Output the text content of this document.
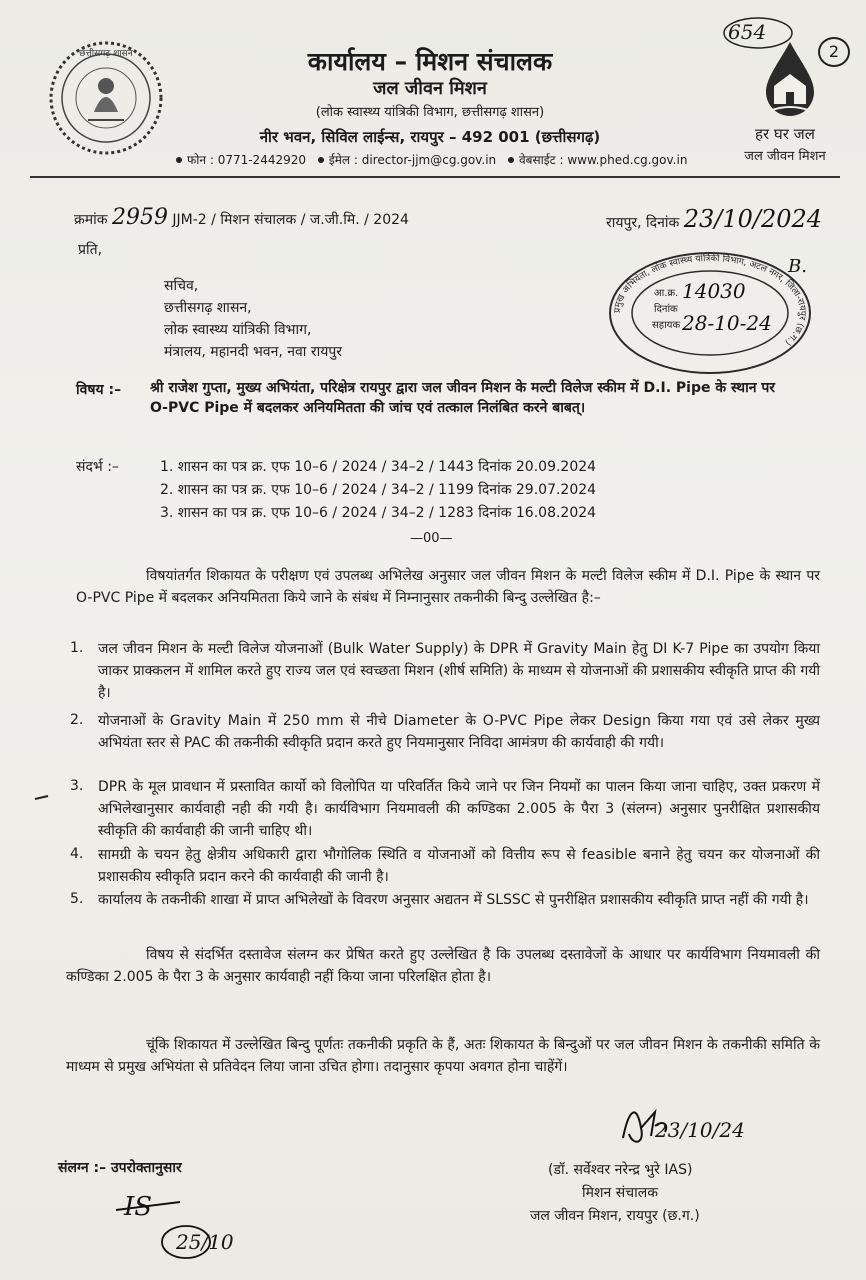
छत्तीसगढ़ शासन	कार्यालय – मिशन संचालक
जल जीवन मिशन
(लोक स्वास्थ्य यांत्रिकी विभाग, छत्तीसगढ़ शासन)
नीर भवन, सिविल लाईन्स, रायपुर – 492 001 (छत्तीसगढ़)
फोन : 0771-2442920 ईमेल : director-jjm@cg.gov.in वेबसाईट : www.phed.cg.gov.in
654
2
हर घर जल
जल जीवन मिशन
क्रमांक 2959 JJM-2 / मिशन संचालक / ज.जी.मि. / 2024	रायपुर, दिनांक 23/10/2024
प्रति,
सचिव,
छत्तीसगढ़ शासन,
लोक स्वास्थ्य यांत्रिकी विभाग,
मंत्रालय, महानदी भवन, नवा रायपुर
प्रमुख अभियंता, लोक स्वास्थ्य यांत्रिकी विभाग, अटल नगर, जिला-रायपुर (छ.ग.)
आ.क्र. 14030
दिनांक
सहायक 28-10-24
B.
विषय :– श्री राजेश गुप्ता, मुख्य अभियंता, परिक्षेत्र रायपुर द्वारा जल जीवन मिशन के मल्टी विलेज स्कीम में D.I. Pipe के स्थान पर O-PVC Pipe में बदलकर अनियमितता की जांच एवं तत्काल निलंबित करने बाबत्।
संदर्भ :–	1. शासन का पत्र क्र. एफ 10–6 / 2024 / 34–2 / 1443 दिनांक 20.09.2024
2. शासन का पत्र क्र. एफ 10–6 / 2024 / 34–2 / 1199 दिनांक 29.07.2024
3. शासन का पत्र क्र. एफ 10–6 / 2024 / 34–2 / 1283 दिनांक 16.08.2024
—00—
विषयांतर्गत शिकायत के परीक्षण एवं उपलब्ध अभिलेख अनुसार जल जीवन मिशन के मल्टी विलेज स्कीम में D.I. Pipe के स्थान पर O-PVC Pipe में बदलकर अनियमितता किये जाने के संबंध में निम्नानुसार तकनीकी बिन्दु उल्लेखित है:–
1. जल जीवन मिशन के मल्टी विलेज योजनाओं (Bulk Water Supply) के DPR में Gravity Main हेतु DI K-7 Pipe का उपयोग किया जाकर प्राक्कलन में शामिल करते हुए राज्य जल एवं स्वच्छता मिशन (शीर्ष समिति) के माध्यम से योजनाओं की प्रशासकीय स्वीकृति प्राप्त की गयी है।
2. योजनाओं के Gravity Main में 250 mm से नीचे Diameter के O-PVC Pipe लेकर Design किया गया एवं उसे लेकर मुख्य अभियंता स्तर से PAC की तकनीकी स्वीकृति प्रदान करते हुए नियमानुसार निविदा आमंत्रण की कार्यवाही की गयी।
3. DPR के मूल प्रावधान में प्रस्तावित कार्यो को विलोपित या परिवर्तित किये जाने पर जिन नियमों का पालन किया जाना चाहिए, उक्त प्रकरण में अभिलेखानुसार कार्यवाही नही की गयी है। कार्यविभाग नियमावली की कण्डिका 2.005 के पैरा 3 (संलग्न) अनुसार पुनरीक्षित प्रशासकीय स्वीकृति की कार्यवाही की जानी चाहिए थी।
4. सामग्री के चयन हेतु क्षेत्रीय अधिकारी द्वारा भौगोलिक स्थिति व योजनाओं को वित्तीय रूप से feasible बनाने हेतु चयन कर योजनाओं की प्रशासकीय स्वीकृति प्रदान करने की कार्यवाही की जानी है।
5. कार्यालय के तकनीकी शाखा में प्राप्त अभिलेखों के विवरण अनुसार अद्यतन में SLSSC से पुनरीक्षित प्रशासकीय स्वीकृति प्राप्त नहीं की गयी है।
विषय से संदर्भित दस्तावेज संलग्न कर प्रेषित करते हुए उल्लेखित है कि उपलब्ध दस्तावेजों के आधार पर कार्यविभाग नियमावली की कण्डिका 2.005 के पैरा 3 के अनुसार कार्यवाही नहीं किया जाना परिलक्षित होता है।
चूंकि शिकायत में उल्लेखित बिन्दु पूर्णतः तकनीकी प्रकृति के हैं, अतः शिकायत के बिन्दुओं पर जल जीवन मिशन के तकनीकी समिति के माध्यम से प्रमुख अभियंता से प्रतिवेदन लिया जाना उचित होगा। तदानुसार कृपया अवगत होना चाहेंगें।
23/10/24
(डॉ. सर्वेश्वर नरेन्द्र भुरे IAS)
मिशन संचालक
जल जीवन मिशन, रायपुर (छ.ग.)
संलग्न :– उपरोक्तानुसार
IS
25/10
